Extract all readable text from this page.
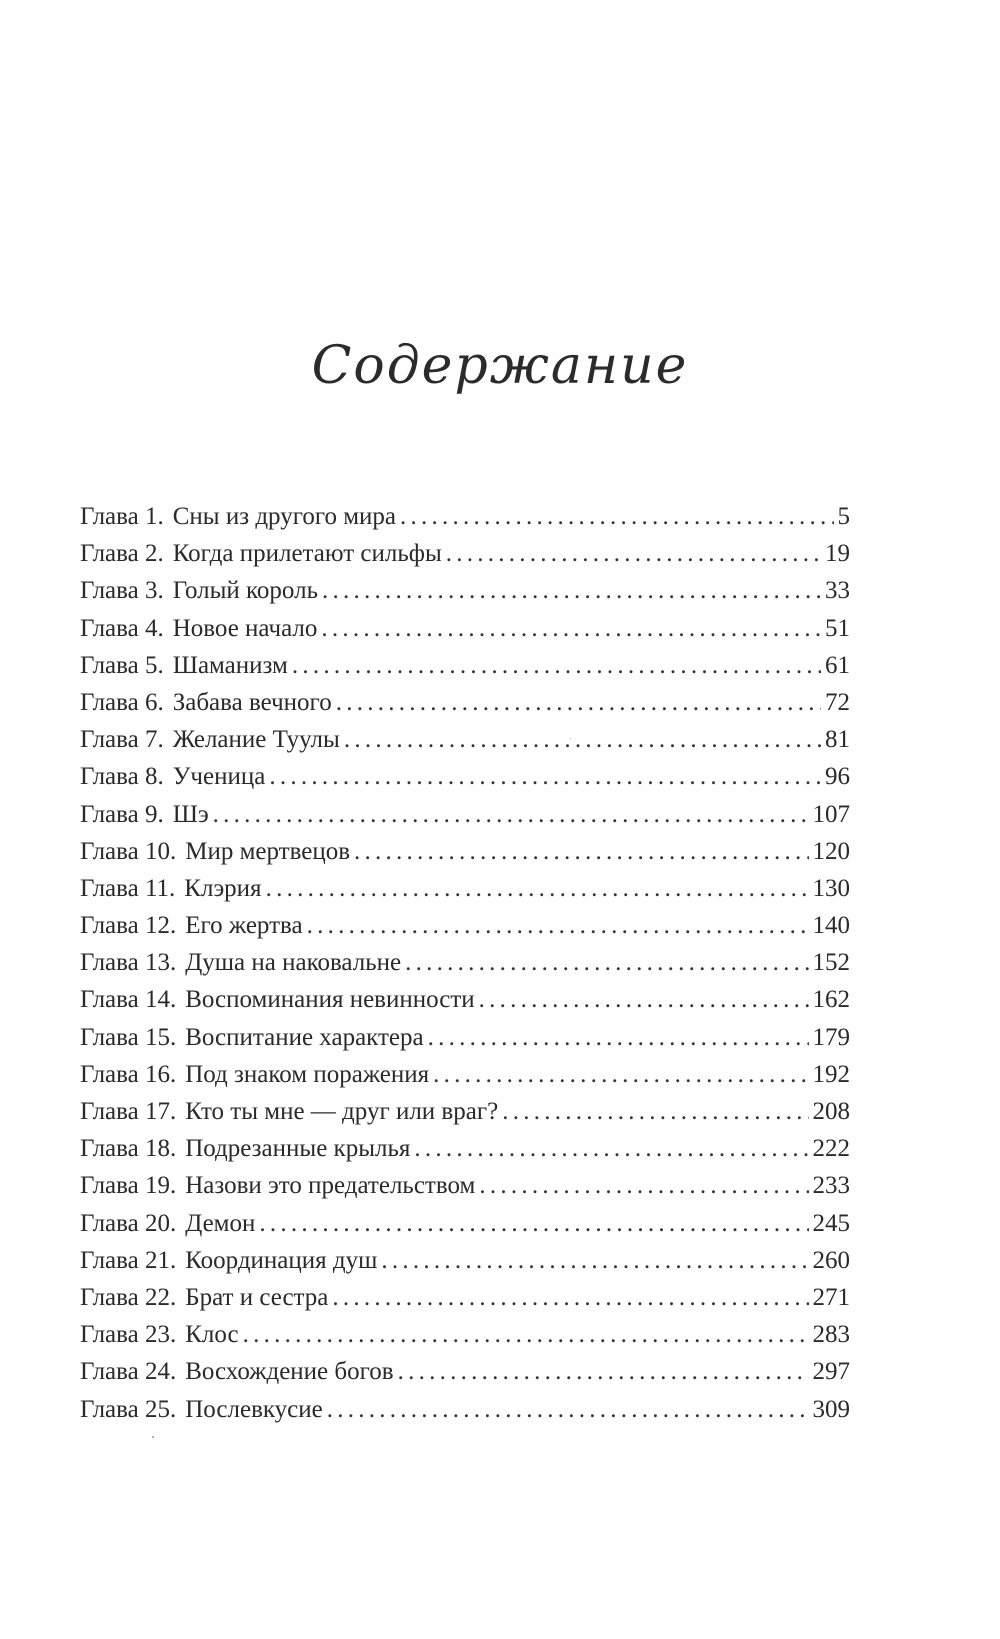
Содержание
Глава 1. Сны из другого мира . . .	5
Глава 2. Когда прилетают сильфы . . .	19
Глава 3. Голый король . . .	33
Глава 4. Новое начало . . .	51
Глава 5. Шаманизм . . .	61
Глава 6. Забава вечного . . .	72
Глава 7. Желание Туулы . . .	81
Глава 8. Ученица . . .	96
Глава 9. Шэ . . .	107
Глава 10. Мир мертвецов . . .	120
Глава 11. Клэрия . . .	130
Глава 12. Его жертва . . .	140
Глава 13. Душа на наковальне . . .	152
Глава 14. Воспоминания невинности . . .	162
Глава 15. Воспитание характера . . .	179
Глава 16. Под знаком поражения . . .	192
Глава 17. Кто ты мне — друг или враг? . . .	208
Глава 18. Подрезанные крылья . . .	222
Глава 19. Назови это предательством . . .	233
Глава 20. Демон . . .	245
Глава 21. Координация душ . . .	260
Глава 22. Брат и сестра . . .	271
Глава 23. Клос . . .	283
Глава 24. Восхождение богов . . .	297
Глава 25. Послевкусие . . .	309
